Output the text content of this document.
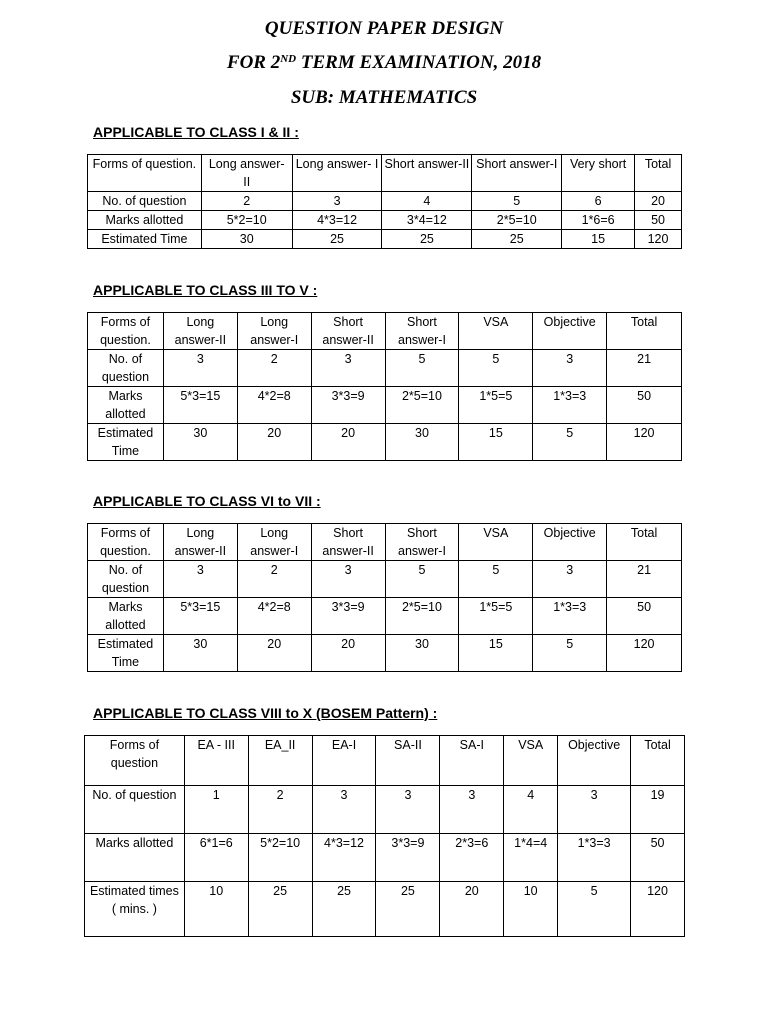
QUESTION PAPER DESIGN
FOR 2ND TERM EXAMINATION, 2018
SUB: MATHEMATICS
APPLICABLE TO CLASS I & II :
Forms of question.	Long answer- II	Long answer- I	Short answer-II	Short answer-I	Very short	Total
No. of question	2	3	4	5	6	20
Marks allotted	5*2=10	4*3=12	3*4=12	2*5=10	1*6=6	50
Estimated Time	30	25	25	25	15	120
APPLICABLE TO CLASS III TO V :
Forms of question.	Long answer-II	Long answer-I	Short answer-II	Short answer-I	VSA	Objective	Total
No. of question	3	2	3	5	5	3	21
Marks allotted	5*3=15	4*2=8	3*3=9	2*5=10	1*5=5	1*3=3	50
Estimated Time	30	20	20	30	15	5	120
APPLICABLE TO CLASS VI to VII :
Forms of question.	Long answer-II	Long answer-I	Short answer-II	Short answer-I	VSA	Objective	Total
No. of question	3	2	3	5	5	3	21
Marks allotted	5*3=15	4*2=8	3*3=9	2*5=10	1*5=5	1*3=3	50
Estimated Time	30	20	20	30	15	5	120
APPLICABLE TO CLASS VIII to X (BOSEM Pattern) :
Forms of question	EA - III	EA_II	EA-I	SA-II	SA-I	VSA	Objective	Total
No. of question	1	2	3	3	3	4	3	19
Marks allotted	6*1=6	5*2=10	4*3=12	3*3=9	2*3=6	1*4=4	1*3=3	50
Estimated times ( mins. )	10	25	25	25	20	10	5	120
